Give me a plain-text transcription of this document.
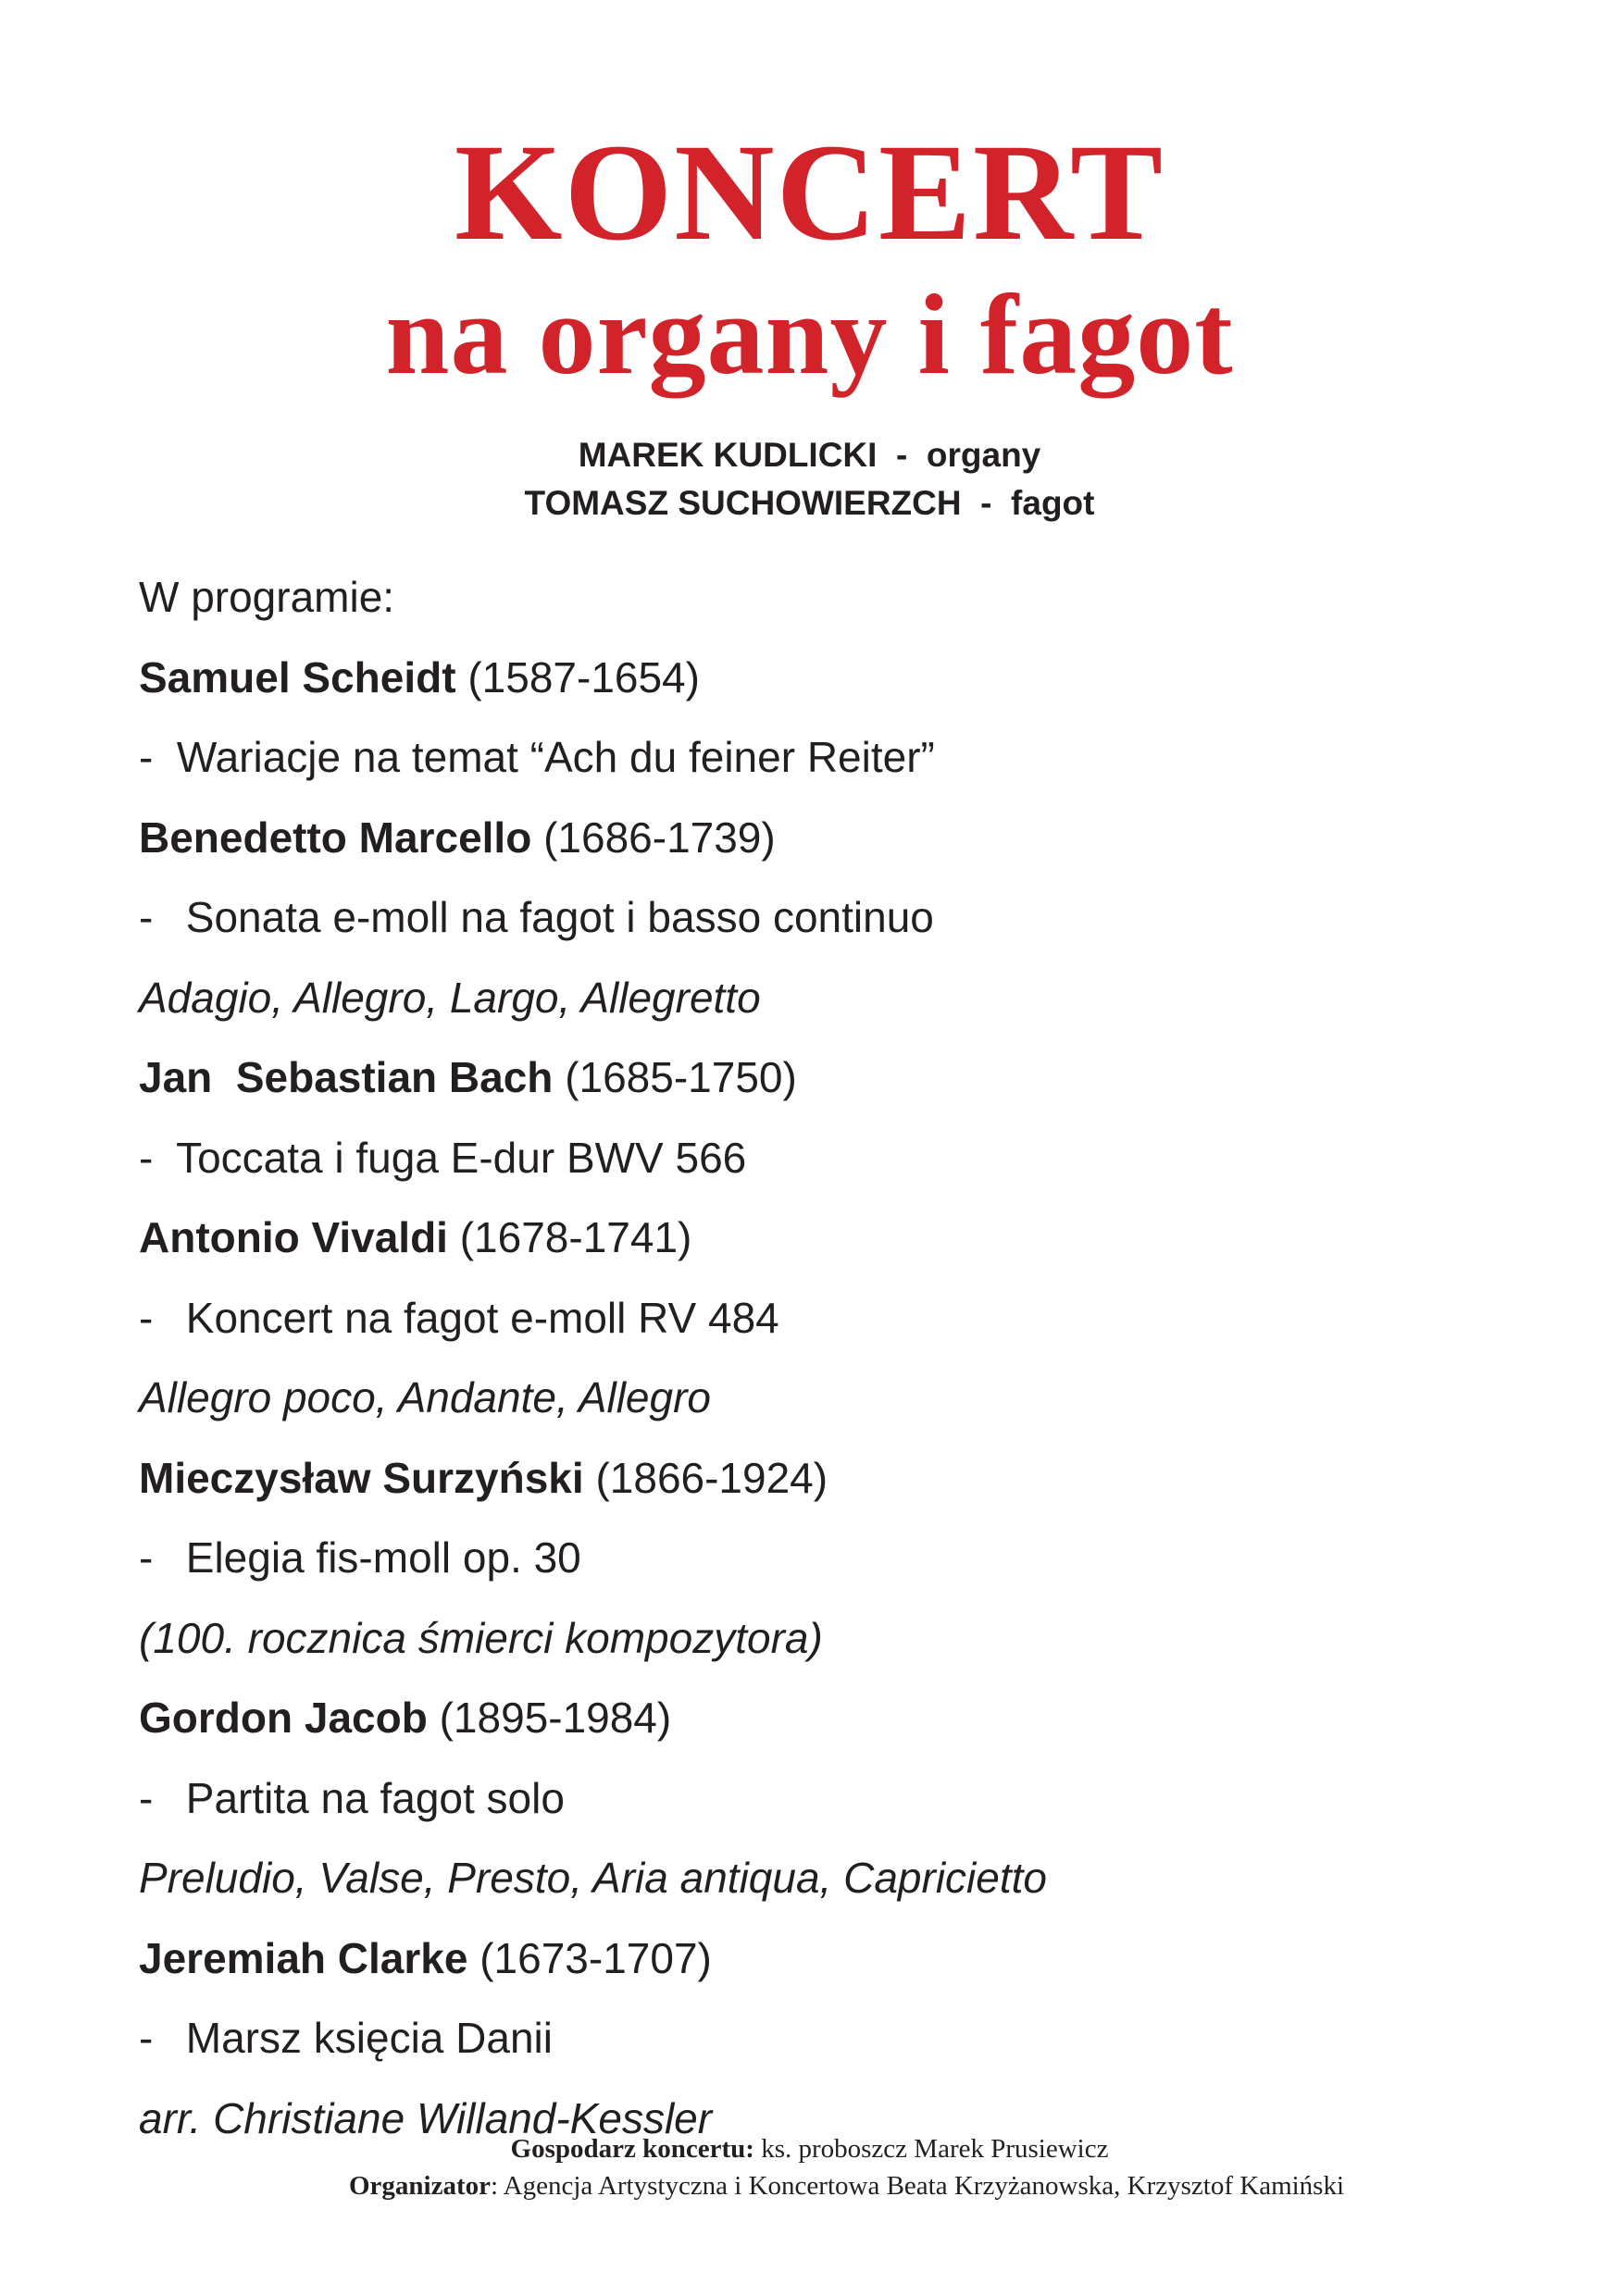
KONCERT
na organy i fagot
MAREK KUDLICKI  -  organy
TOMASZ SUCHOWIERZCH  -  fagot
W programie:
Samuel Scheidt (1587-1654)
-  Wariacje na temat “Ach du feiner Reiter”
Benedetto Marcello (1686-1739)
- Sonata e-moll na fagot i basso continuo
Adagio, Allegro, Largo, Allegretto
Jan  Sebastian Bach (1685-1750)
-  Toccata i fuga E-dur BWV 566
Antonio Vivaldi (1678-1741)
- Koncert na fagot e-moll RV 484
Allegro poco, Andante, Allegro
Mieczysław Surzyński (1866-1924)
- Elegia fis-moll op. 30
(100. rocznica śmierci kompozytora)
Gordon Jacob (1895-1984)
- Partita na fagot solo
Preludio, Valse, Presto, Aria antiqua, Capricietto
Jeremiah Clarke (1673-1707)
- Marsz księcia Danii
arr. Christiane Willand-Kessler
Gospodarz koncertu: ks. proboszcz Marek Prusiewicz
Organizator: Agencja Artystyczna i Koncertowa Beata Krzyżanowska, Krzysztof Kamiński
